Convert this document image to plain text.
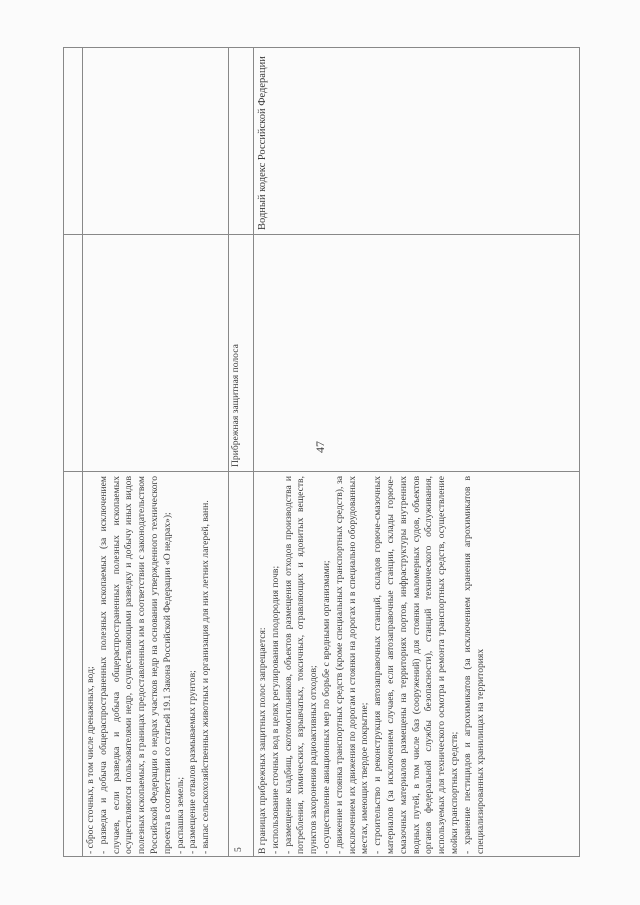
47

- сброс сточных, в том числе дренажных, вод; - разведка и добыча общераспространенных полезных ископаемых (за исключением случаев, если разведка и добыча общераспространенных полезных ископаемых осуществляются пользователями недр, осуществляющими разведку и добычу иных видов полезных ископаемых, в границах предоставленных им в соответствии с законодательством Российской Федерации о недрах участков недр на основании утвержденного технического проекта в соответствии со статьей 19.1 Закона Российской Федерации «О недрах»); - распашка земель; - размещение отвалов размываемых грунтов; - выпас сельскохозяйственных животных и организация для них летних лагерей, ванн. 5

Прибрежная защитная полоса

В границах прибрежных защитных полос запрещается: - использование сточных вод в целях регулирования плодородия почв; - размещение кладбищ, скотомогильников, объектов размещения отходов производства и потребления, химических, взрывчатых, токсичных, отравляющих и ядовитых веществ, пунктов захоронения радиоактивных отходов; - осуществление авиационных мер по борьбе с вредными организмами; - движение и стоянка транспортных средств (кроме специальных транспортных средств), за исключением их движения по дорогам и стоянки на дорогах и в специально оборудованных местах, имеющих твердое покрытие; - строительство и реконструкция автозаправочных станций, складов горюче-смазочных материалов (за исключением случаев, если автозаправочные станции, склады горюче-смазочных материалов размещены на территориях портов, инфраструктуры внутренних водных путей, в том числе баз (сооружений) для стоянки маломерных судов, объектов органов федеральной службы безопасности), станций технического обслуживания, используемых для технического осмотра и ремонта транспортных средств, осуществление мойки транспортных средств; - хранение пестицидов и агрохимикатов (за исключением хранения агрохимикатов в специализированных хранилищах на территориях

Водный кодекс Российской Федерации
